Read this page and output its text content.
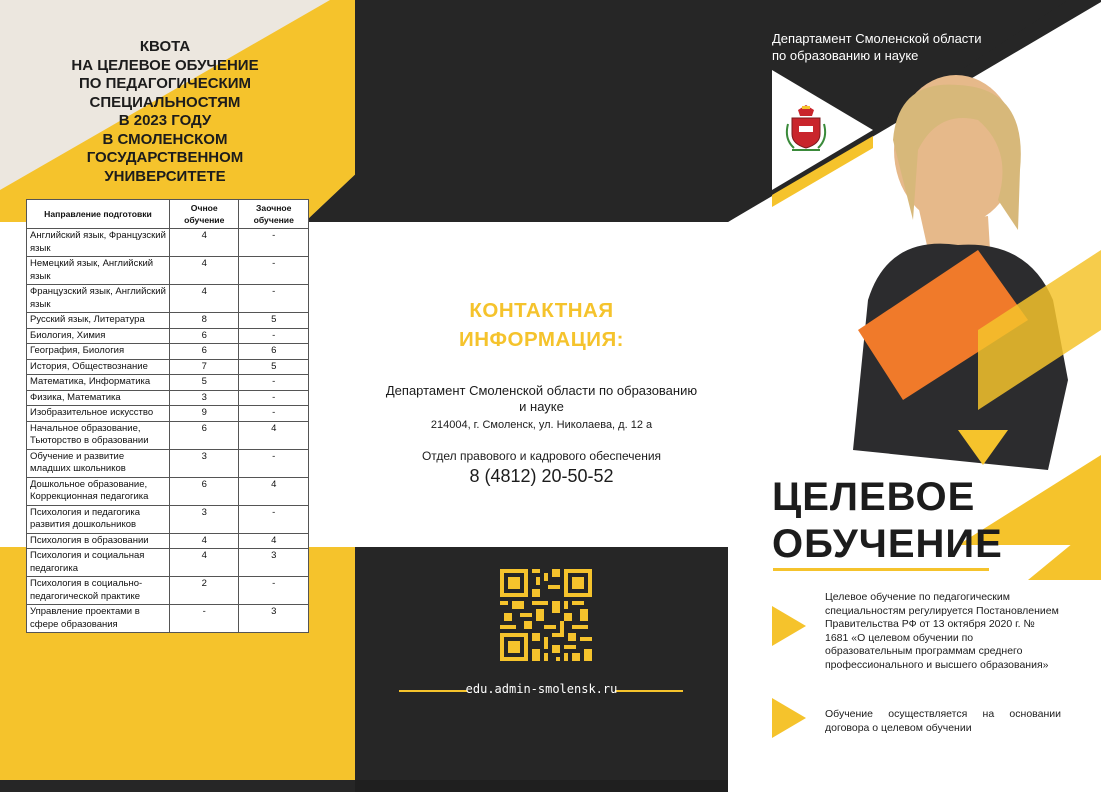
КВОТА
НА ЦЕЛЕВОЕ ОБУЧЕНИЕ
ПО ПЕДАГОГИЧЕСКИМ
СПЕЦИАЛЬНОСТЯМ
В 2023 ГОДУ
В СМОЛЕНСКОМ
ГОСУДАРСТВЕННОМ
УНИВЕРСИТЕТЕ
Направление подготовки	Очное обучение	Заочное обучение
Английский язык, Французский язык	4	-
Немецкий язык, Английский язык	4	-
Французский язык, Английский язык	4	-
Русский язык, Литература	8	5
Биология, Химия	6	-
География, Биология	6	6
История, Обществознание	7	5
Математика, Информатика	5	-
Физика, Математика	3	-
Изобразительное искусство	9	-
Начальное образование, Тьюторство в образовании	6	4
Обучение и развитие младших школьников	3	-
Дошкольное образование, Коррекционная педагогика	6	4
Психология и педагогика развития дошкольников	3	-
Психология в образовании	4	4
Психология и социальная педагогика	4	3
Психология в социально-педагогической практике	2	-
Управление проектами в сфере образования	-	3
КОНТАКТНАЯ
ИНФОРМАЦИЯ:
Департамент Смоленской области по образованию и науке
214004, г. Смоленск, ул. Николаева, д. 12 а
Отдел правового и кадрового обеспечения
8 (4812) 20-50-52
edu.admin-smolensk.ru
Департамент Смоленской области
по образованию и науке
ЦЕЛЕВОЕ
ОБУЧЕНИЕ
Целевое обучение по педагогическим специальностям регулируется Постановлением Правительства РФ от 13 октября 2020 г. № 1681 «О целевом обучении по образовательным программам среднего профессионального и высшего образования»
Обучение осуществляется на основании договора о целевом обучении
